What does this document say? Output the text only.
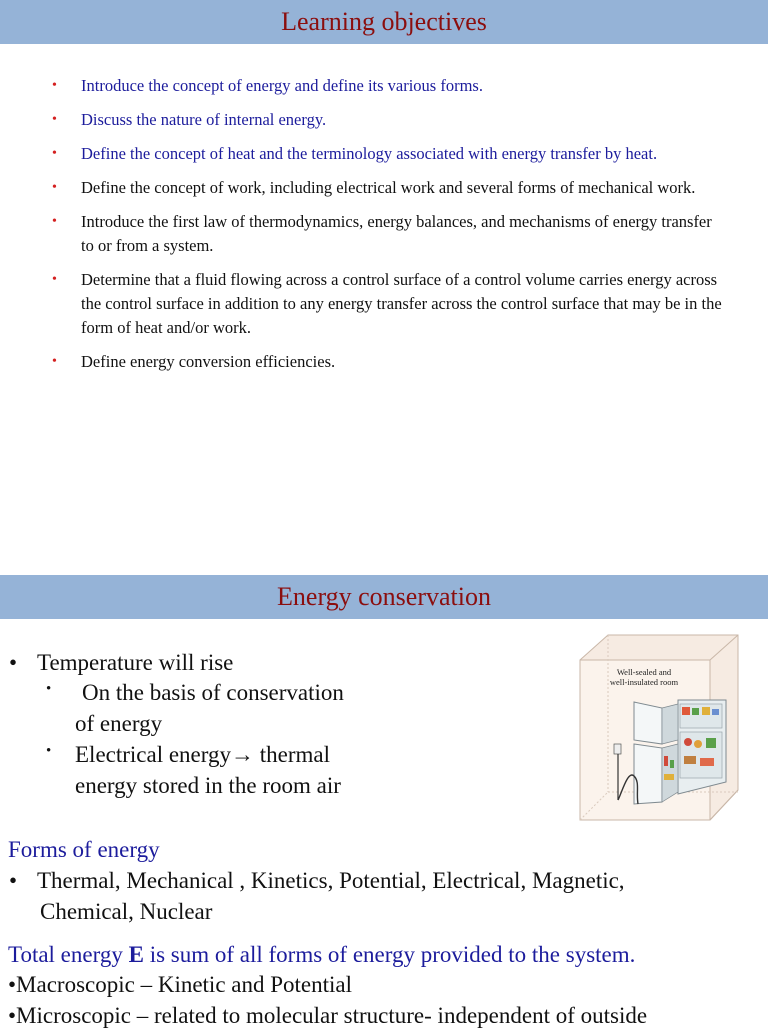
Learning objectives
• Introduce the concept of energy and define its various forms.
• Discuss the nature of internal energy.
• Define the concept of heat and the terminology associated with energy transfer by heat.
• Define the concept of work, including electrical work and several forms of mechanical work.
• Introduce the first law of thermodynamics, energy balances, and mechanisms of energy transfer to or from a system.
• Determine that a fluid flowing across a control surface of a control volume carries energy across the control surface in addition to any energy transfer across the control surface that may be in the form of heat and/or work.
• Define energy conversion efficiencies.
Energy conservation
• Temperature will rise
• On the basis of conservation
of energy
• Electrical energy→ thermal
energy stored in the room air
Well-sealed and
well-insulated room
Forms of energy
• Thermal, Mechanical , Kinetics, Potential, Electrical, Magnetic,
Chemical, Nuclear
Total energy E is sum of all forms of energy provided to the system.
•Macroscopic – Kinetic and Potential
•Microscopic – related to molecular structure- independent of outside
